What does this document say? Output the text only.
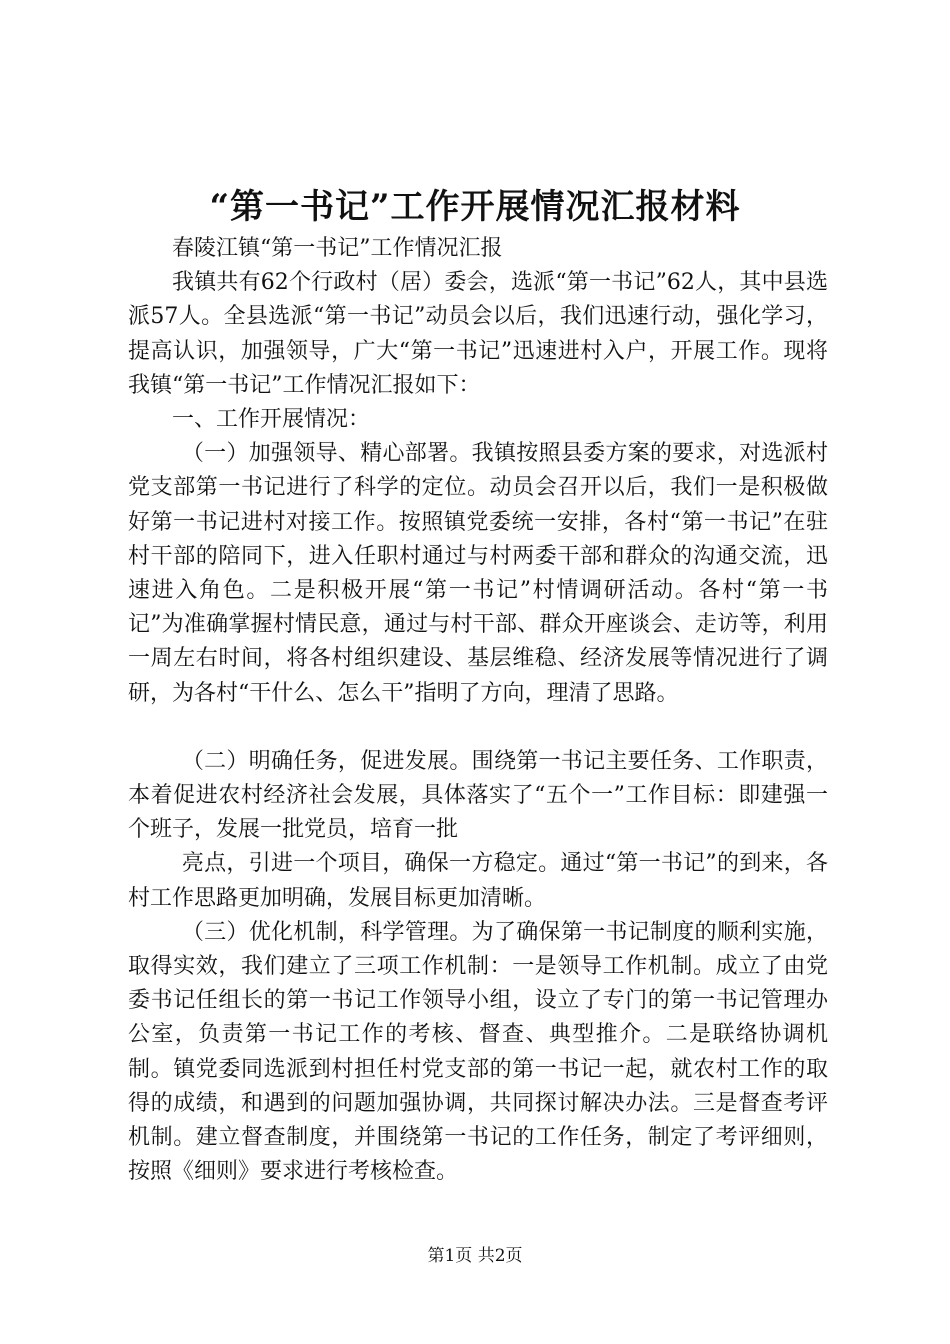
“第一书记”工作开展情况汇报材料

春陵江镇“第一书记”工作情况汇报

我镇共有62个行政村（居）委会，选派“第一书记”62人，其中县选派57人。全县选派“第一书记”动员会以后，我们迅速行动，强化学习，提高认识，加强领导，广大“第一书记”迅速进村入户，开展工作。现将我镇“第一书记”工作情况汇报如下：

一、工作开展情况：

（一）加强领导、精心部署。我镇按照县委方案的要求，对选派村党支部第一书记进行了科学的定位。动员会召开以后，我们一是积极做好第一书记进村对接工作。按照镇党委统一安排，各村“第一书记”在驻村干部的陪同下，进入任职村通过与村两委干部和群众的沟通交流，迅速进入角色。二是积极开展“第一书记”村情调研活动。各村“第一书记”为准确掌握村情民意，通过与村干部、群众开座谈会、走访等，利用一周左右时间，将各村组织建设、基层维稳、经济发展等情况进行了调研，为各村“干什么、怎么干”指明了方向，理清了思路。

（二）明确任务，促进发展。围绕第一书记主要任务、工作职责，本着促进农村经济社会发展，具体落实了“五个一”工作目标：即建强一个班子，发展一批党员，培育一批

亮点，引进一个项目，确保一方稳定。通过“第一书记”的到来，各村工作思路更加明确，发展目标更加清晰。

（三）优化机制，科学管理。为了确保第一书记制度的顺利实施，取得实效，我们建立了三项工作机制：一是领导工作机制。成立了由党委书记任组长的第一书记工作领导小组，设立了专门的第一书记管理办公室，负责第一书记工作的考核、督查、典型推介。二是联络协调机制。镇党委同选派到村担任村党支部的第一书记一起，就农村工作的取得的成绩，和遇到的问题加强协调，共同探讨解决办法。三是督查考评机制。建立督查制度，并围绕第一书记的工作任务，制定了考评细则，按照《细则》要求进行考核检查。

第1页 共2页
